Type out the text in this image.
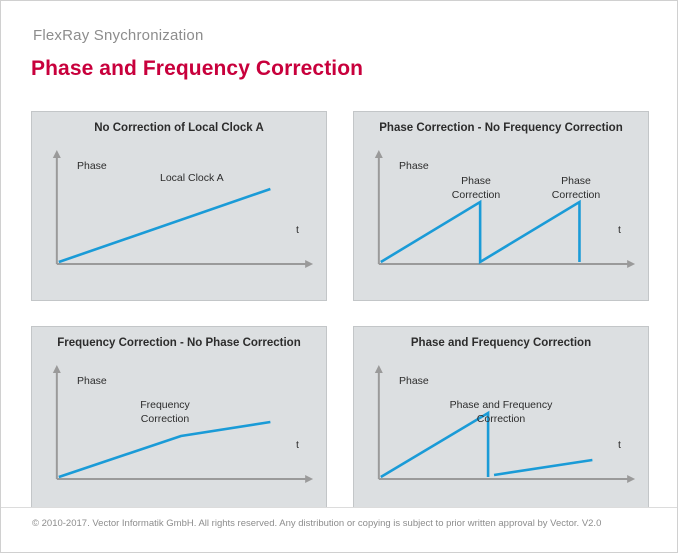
FlexRay Snychronization
Phase and Frequency Correction
No Correction of Local Clock A
Phase
t
Local Clock A
Phase Correction - No Frequency Correction
Phase
t
Phase
Correction
Phase
Correction
Frequency Correction - No Phase Correction
Phase
t
Frequency
Correction
Phase and Frequency Correction
Phase
t
Phase and Frequency
Correction
© 2010-2017. Vector Informatik GmbH. All rights reserved. Any distribution or copying is subject to prior written approval by Vector. V2.0
